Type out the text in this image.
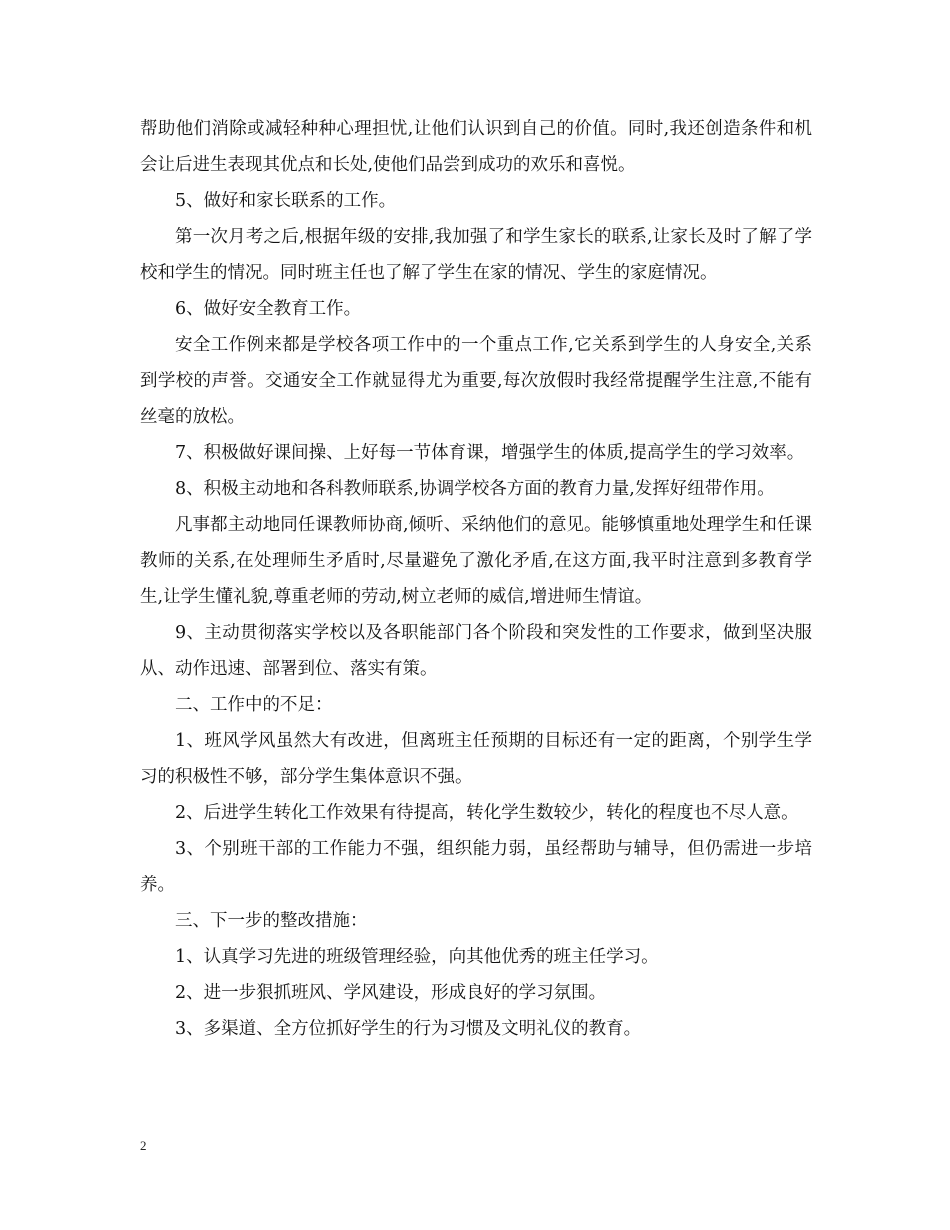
帮助他们消除或减轻种种心理担忧,让他们认识到自己的价值。同时,我还创造条件和机会让后进生表现其优点和长处,使他们品尝到成功的欢乐和喜悦。

5、做好和家长联系的工作。

第一次月考之后,根据年级的安排,我加强了和学生家长的联系,让家长及时了解了学校和学生的情况。同时班主任也了解了学生在家的情况、学生的家庭情况。

6、做好安全教育工作。

安全工作例来都是学校各项工作中的一个重点工作,它关系到学生的人身安全,关系到学校的声誉。交通安全工作就显得尤为重要,每次放假时我经常提醒学生注意,不能有丝毫的放松。

7、积极做好课间操、上好每一节体育课，增强学生的体质,提高学生的学习效率。

8、积极主动地和各科教师联系,协调学校各方面的教育力量,发挥好纽带作用。

凡事都主动地同任课教师协商,倾听、采纳他们的意见。能够慎重地处理学生和任课教师的关系,在处理师生矛盾时,尽量避免了激化矛盾,在这方面,我平时注意到多教育学生,让学生懂礼貌,尊重老师的劳动,树立老师的威信,增进师生情谊。

9、主动贯彻落实学校以及各职能部门各个阶段和突发性的工作要求，做到坚决服从、动作迅速、部署到位、落实有策。

二、工作中的不足：

1、班风学风虽然大有改进，但离班主任预期的目标还有一定的距离，个别学生学习的积极性不够，部分学生集体意识不强。

2、后进学生转化工作效果有待提高，转化学生数较少，转化的程度也不尽人意。

3、个别班干部的工作能力不强，组织能力弱，虽经帮助与辅导，但仍需进一步培养。

三、下一步的整改措施：

1、认真学习先进的班级管理经验，向其他优秀的班主任学习。

2、进一步狠抓班风、学风建设，形成良好的学习氛围。

3、多渠道、全方位抓好学生的行为习惯及文明礼仪的教育。

2
